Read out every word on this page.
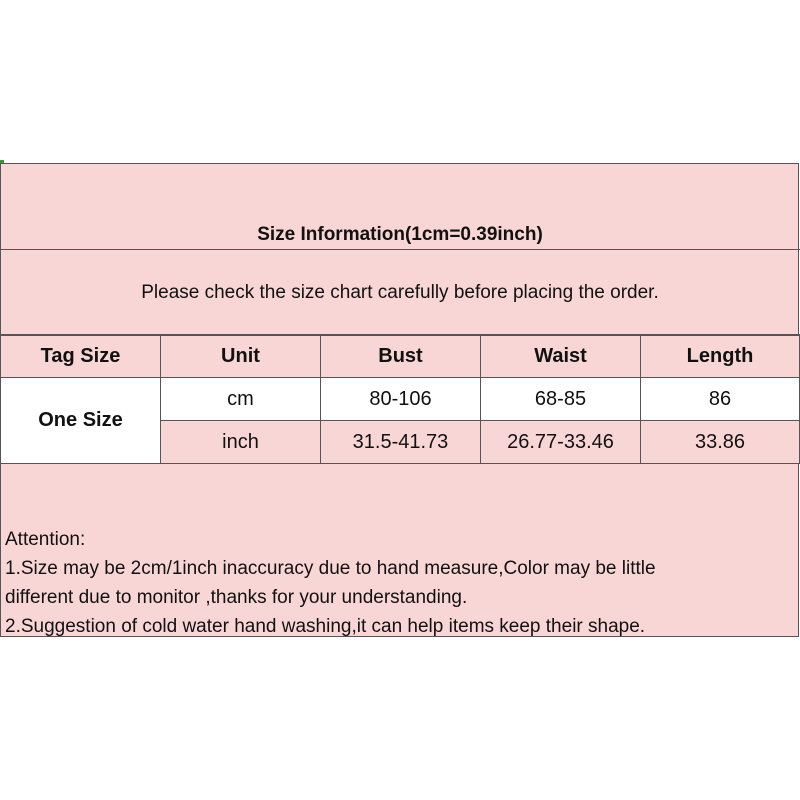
Size Information(1cm=0.39inch)
Please check the size chart carefully before placing the order.
Tag Size	Unit	Bust	Waist	Length
One Size	cm	80-106	68-85	86
	inch	31.5-41.73	26.77-33.46	33.86
Attention:
1.Size may be 2cm/1inch inaccuracy due to hand measure,Color may be little
different due to monitor ,thanks for your understanding.
2.Suggestion of cold water hand washing,it can help items keep their shape.
